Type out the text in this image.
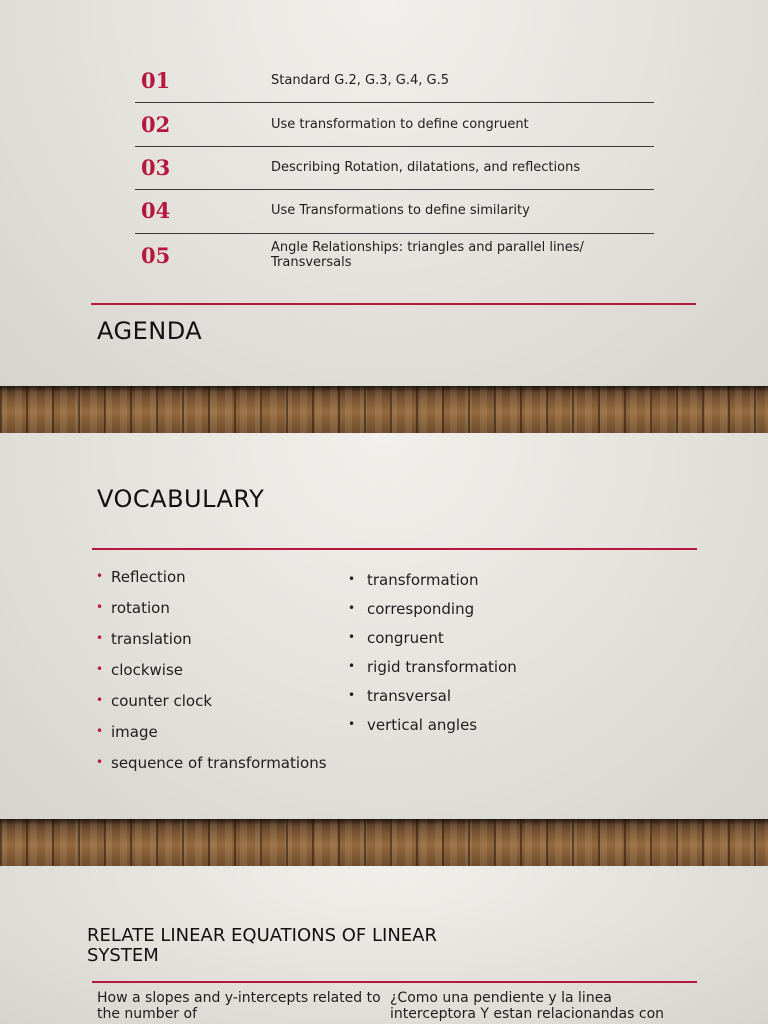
01	Standard G.2, G.3, G.4, G.5
02	Use transformation to define congruent
03	Describing Rotation, dilatations, and reflections
04	Use Transformations to define similarity
05	Angle Relationships: triangles and parallel lines/ Transversals
AGENDA
VOCABULARY
• Reflection
• rotation
• translation
• clockwise
• counter clock
• image
• sequence of transformations
• transformation
• corresponding
• congruent
• rigid transformation
• transversal
• vertical angles
RELATE LINEAR EQUATIONS OF LINEAR SYSTEM
How a slopes and y-intercepts related to the number of
¿Como una pendiente y la linea interceptora Y estan relacionandas con
